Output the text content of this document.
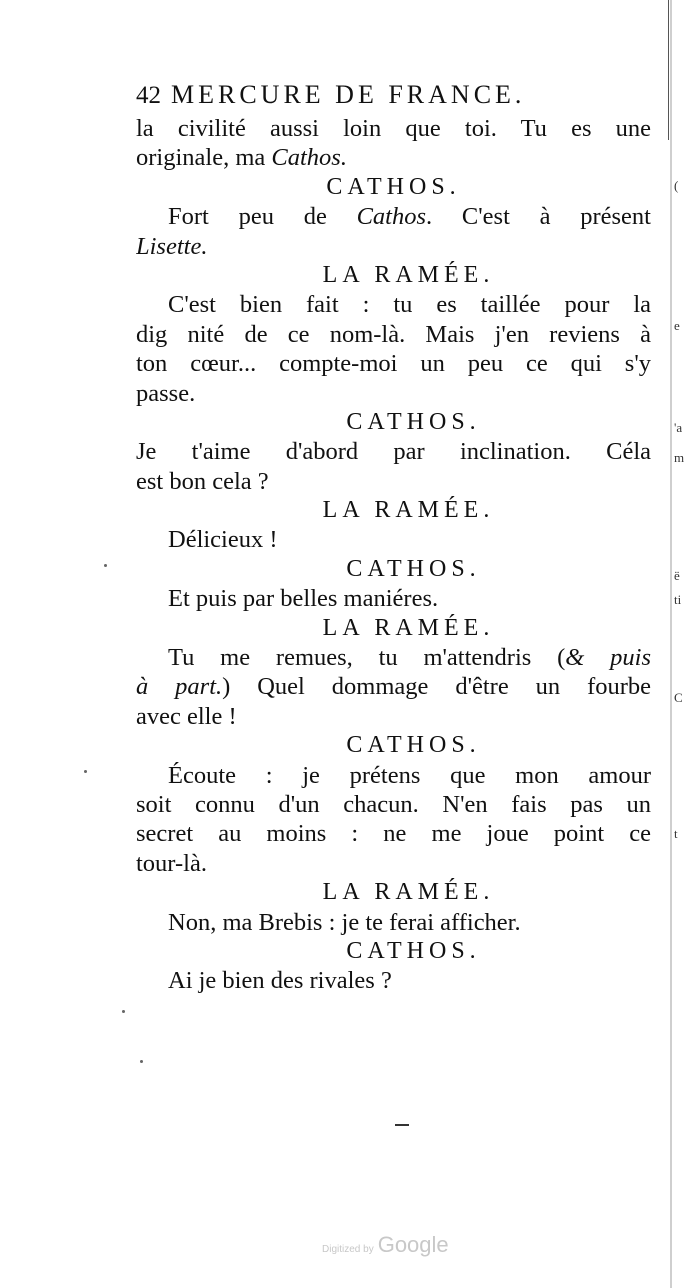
(
e
'a
m
ë
ti
C
t
42 MERCURE DE FRANCE.
la civilité aussi loin que toi. Tu es une
originale, ma Cathos.
CATHOS.
Fort peu de Cathos. C'est à présent
Lisette.
LA RAMÉE.
C'est bien fait : tu es taillée pour la
dig nité de ce nom-là. Mais j'en reviens à
ton cœur... compte-moi un peu ce qui s'y
passe.
CATHOS.
Je t'aime d'abord par inclination. Céla
est bon cela ?
LA RAMÉE.
Délicieux !
CATHOS.
Et puis par belles maniéres.
LA RAMÉE.
Tu me remues, tu m'attendris (& puis
à part.) Quel dommage d'être un fourbe
avec elle !
CATHOS.
Écoute : je prétens que mon amour
soit connu d'un chacun. N'en fais pas un
secret au moins : ne me joue point ce
tour-là.
LA RAMÉE.
Non, ma Brebis : je te ferai afficher.
CATHOS.
Ai je bien des rivales ?
Digitized by Google
